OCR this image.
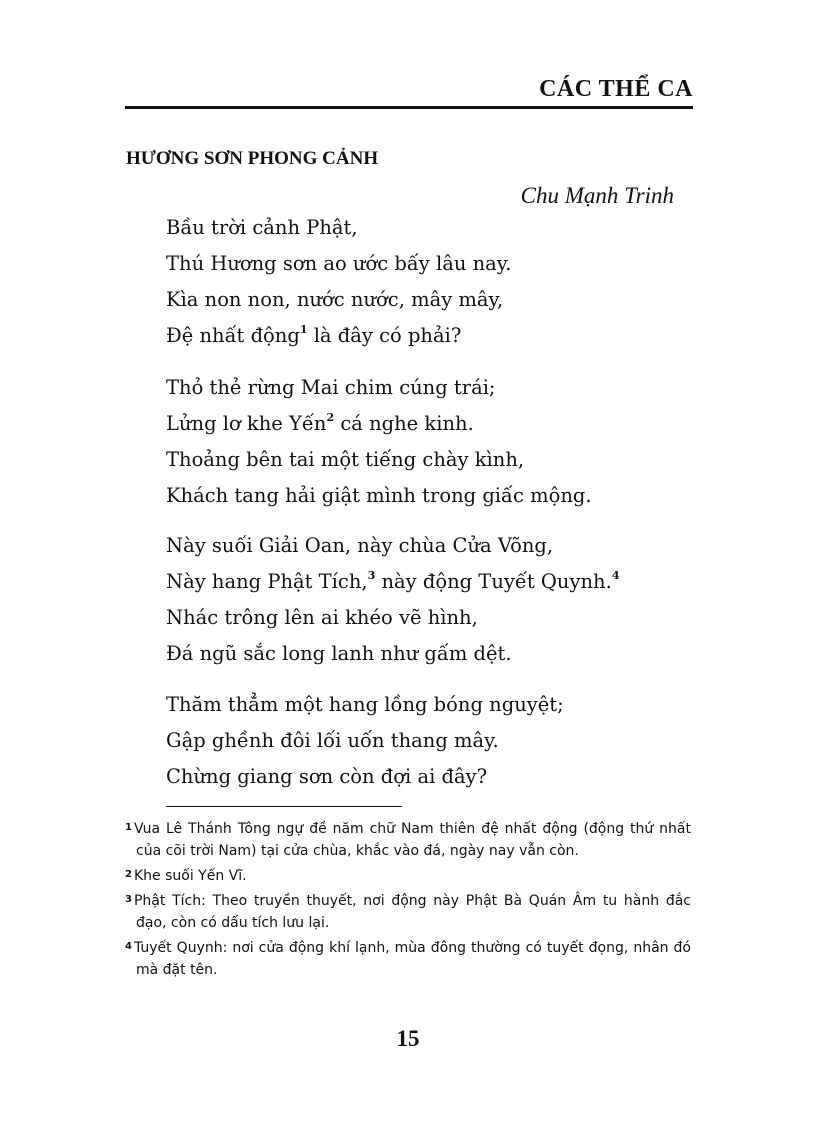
CÁC THỂ CA
HƯƠNG SƠN PHONG CẢNH
Chu Mạnh Trinh
Bầu trời cảnh Phật,
Thú Hương sơn ao ước bấy lâu nay.
Kìa non non, nước nước, mây mây,
Đệ nhất động$^1$ là đây có phải?
Thỏ thẻ rừng Mai chim cúng trái;
Lửng lơ khe Yến$^2$ cá nghe kinh.
Thoảng bên tai một tiếng chày kình,
Khách tang hải giật mình trong giấc mộng.
Này suối Giải Oan, này chùa Cửa Võng,
Này hang Phật Tích,$^3$ này động Tuyết Quynh.$^4$
Nhác trông lên ai khéo vẽ hình,
Đá ngũ sắc long lanh như gấm dệt.
Thăm thẳm một hang lồng bóng nguyệt;
Gập ghềnh đôi lối uốn thang mây.
Chừng giang sơn còn đợi ai đây?
$^1$ Vua Lê Thánh Tông ngự đề năm chữ Nam thiên đệ nhất động (động thứ nhất của cõi trời Nam) tại cửa chùa, khắc vào đá, ngày nay vẫn còn.
$^2$ Khe suối Yến Vĩ.
$^3$ Phật Tích: Theo truyền thuyết, nơi động này Phật Bà Quán Âm tu hành đắc đạo, còn có dấu tích lưu lại.
$^4$ Tuyết Quynh: nơi cửa động khí lạnh, mùa đông thường có tuyết đọng, nhân đó mà đặt tên.
15
